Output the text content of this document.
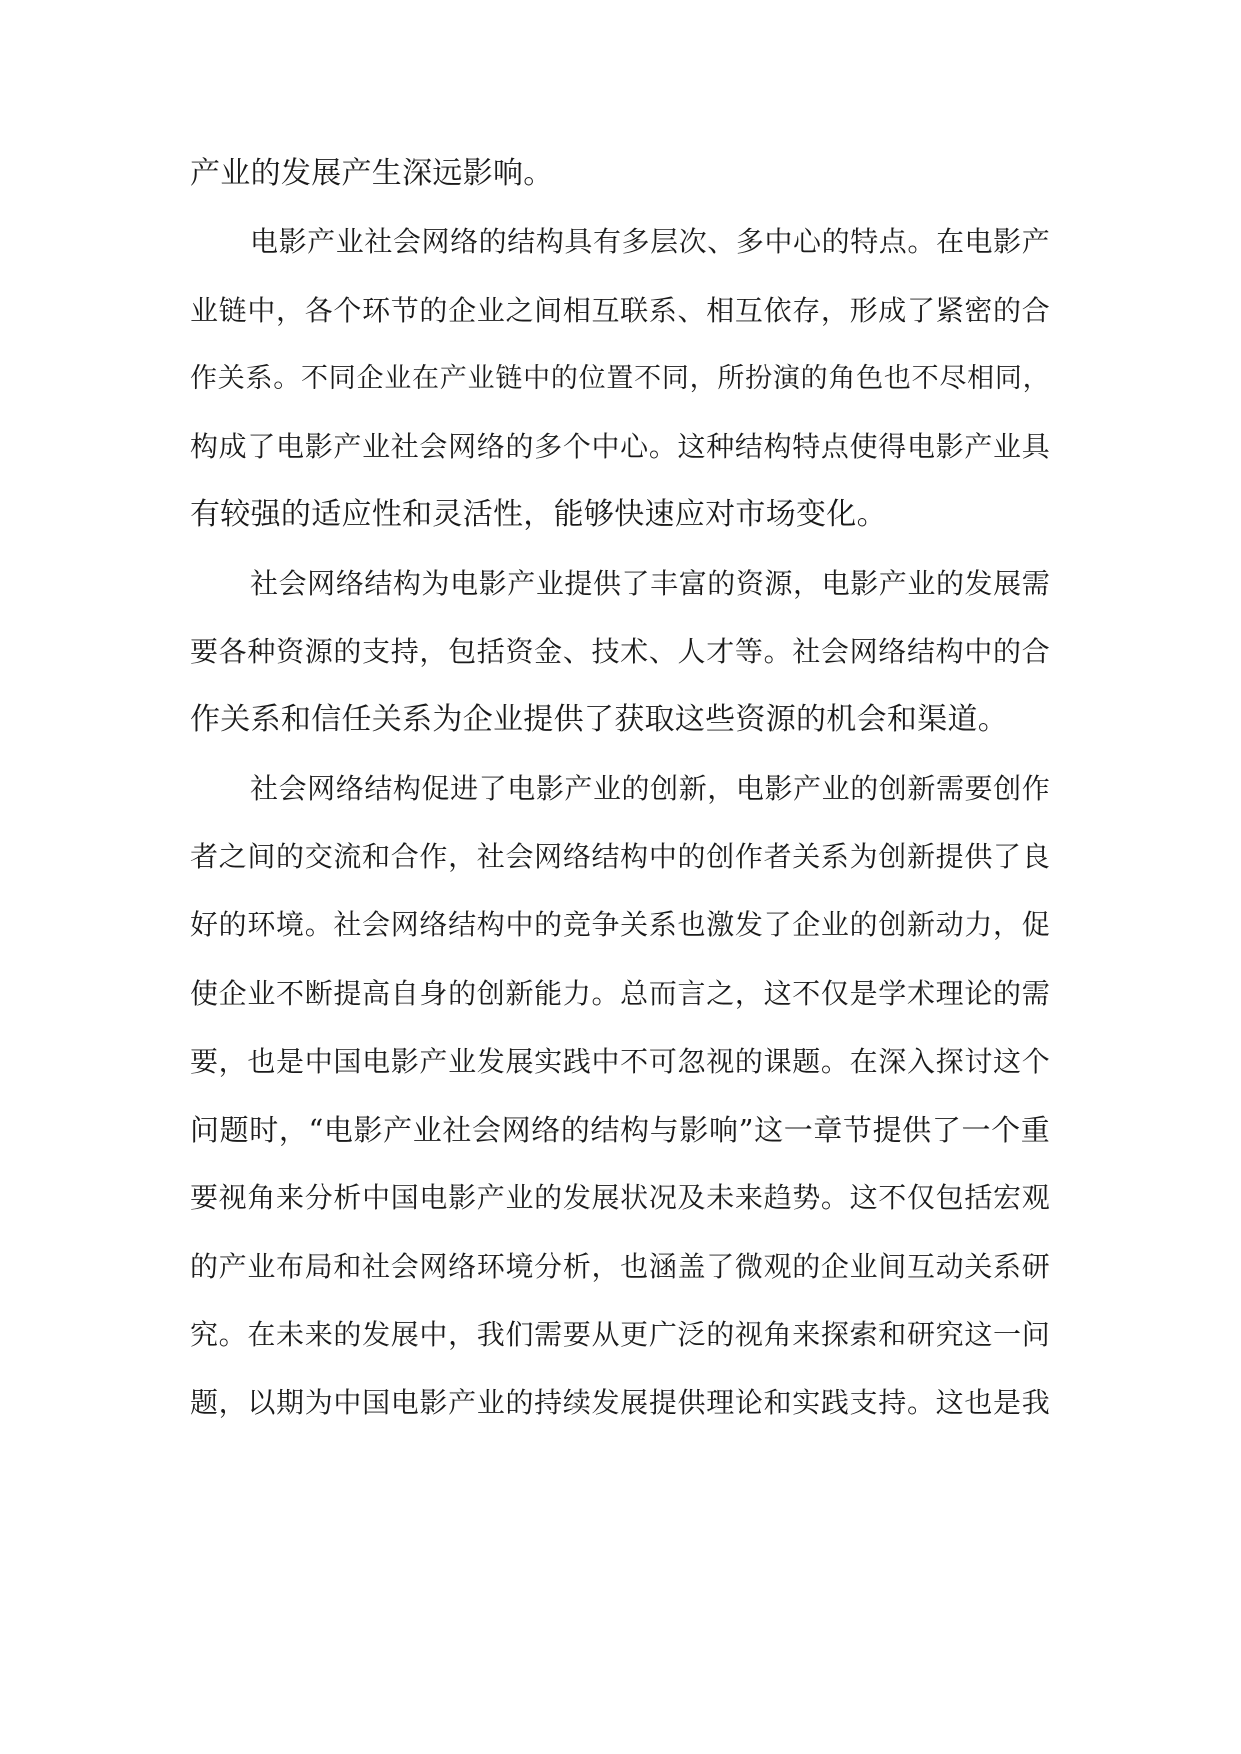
产业的发展产生深远影响。
电影产业社会网络的结构具有多层次、多中心的特点。在电影产
业链中，各个环节的企业之间相互联系、相互依存，形成了紧密的合
作关系。不同企业在产业链中的位置不同，所扮演的角色也不尽相同，
构成了电影产业社会网络的多个中心。这种结构特点使得电影产业具
有较强的适应性和灵活性，能够快速应对市场变化。
社会网络结构为电影产业提供了丰富的资源，电影产业的发展需
要各种资源的支持，包括资金、技术、人才等。社会网络结构中的合
作关系和信任关系为企业提供了获取这些资源的机会和渠道。
社会网络结构促进了电影产业的创新，电影产业的创新需要创作
者之间的交流和合作，社会网络结构中的创作者关系为创新提供了良
好的环境。社会网络结构中的竞争关系也激发了企业的创新动力，促
使企业不断提高自身的创新能力。总而言之，这不仅是学术理论的需
要，也是中国电影产业发展实践中不可忽视的课题。在深入探讨这个
问题时，“电影产业社会网络的结构与影响”这一章节提供了一个重
要视角来分析中国电影产业的发展状况及未来趋势。这不仅包括宏观
的产业布局和社会网络环境分析，也涵盖了微观的企业间互动关系研
究。在未来的发展中，我们需要从更广泛的视角来探索和研究这一问
题，以期为中国电影产业的持续发展提供理论和实践支持。这也是我
